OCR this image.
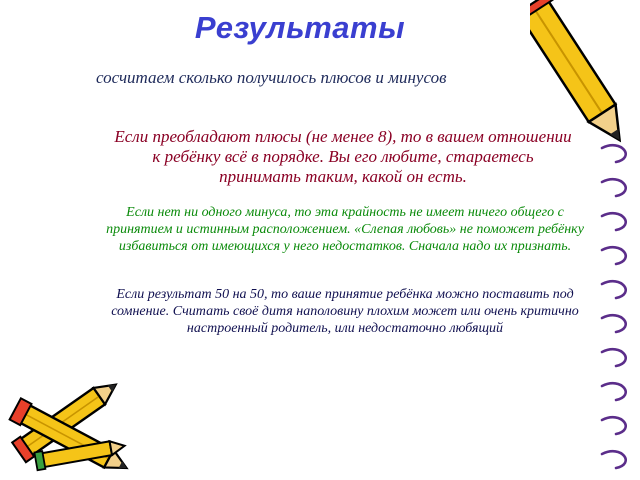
Результаты
сосчитаем сколько получилось плюсов и минусов
Если преобладают плюсы (не менее 8), то в вашем отношении к ребёнку всё в порядке. Вы его любите, стараетесь принимать таким, какой он есть.
Если нет ни одного минуса, то эта крайность не имеет ничего общего с принятием и истинным расположением. «Слепая любовь» не поможет ребёнку избавиться от имеющихся у него недостатков. Сначала надо их признать.
Если результат 50 на 50, то ваше принятие ребёнка можно поставить под сомнение. Считать своё дитя наполовину плохим может или очень критично настроенный родитель, или недостаточно любящий
